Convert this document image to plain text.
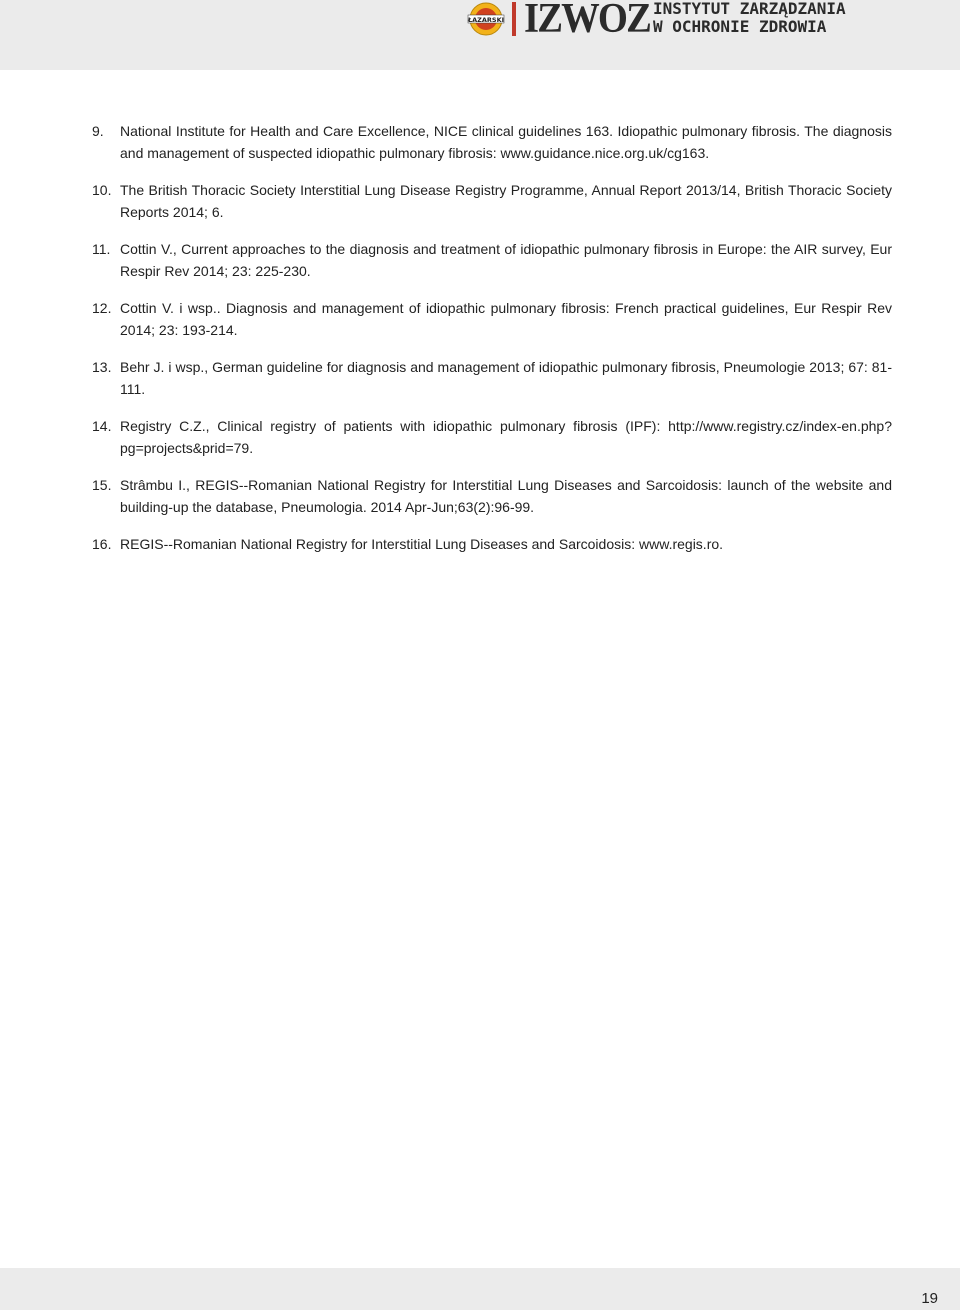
ŁAZARSKI IZWOZ INSTYTUT ZARZĄDZANIA
W OCHRONIE ZDROWIA
9. National Institute for Health and Care Excellence, NICE clinical guidelines 163. Idiopathic pulmonary fibrosis. The diagnosis and management of suspected idiopathic pulmonary fibrosis: www.guidance.nice.org.uk/cg163.
10. The British Thoracic Society Interstitial Lung Disease Registry Programme, Annual Report 2013/14, British Thoracic Society Reports 2014; 6.
11. Cottin V., Current approaches to the diagnosis and treatment of idiopathic pulmonary fibrosis in Europe: the AIR survey, Eur Respir Rev 2014; 23: 225-230.
12. Cottin V. i wsp.. Diagnosis and management of idiopathic pulmonary fibrosis: French practical guidelines, Eur Respir Rev 2014; 23: 193-214.
13. Behr J. i wsp., German guideline for diagnosis and management of idiopathic pulmonary fibrosis, Pneumologie 2013; 67: 81-111.
14. Registry C.Z., Clinical registry of patients with idiopathic pulmonary fibrosis (IPF): http://www.registry.cz/index-en.php?pg=projects&prid=79.
15. Strâmbu I., REGIS--Romanian National Registry for Interstitial Lung Diseases and Sarcoidosis: launch of the website and building-up the database, Pneumologia. 2014 Apr-Jun;63(2):96-99.
16. REGIS--Romanian National Registry for Interstitial Lung Diseases and Sarcoidosis: www.regis.ro.
19
